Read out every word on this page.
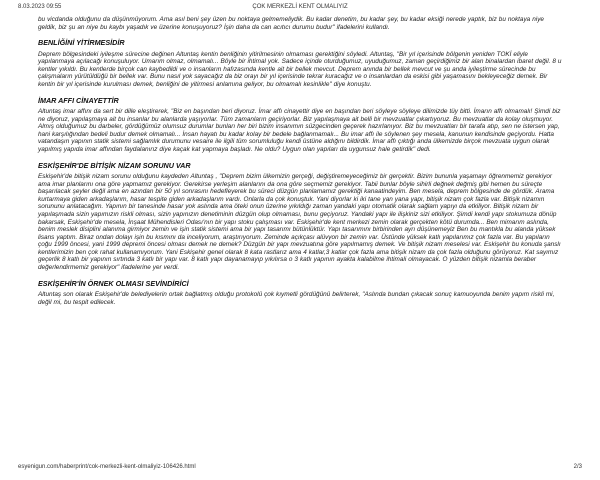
8.03.2023 09:55	ÇOK MERKEZLİ KENT OLMALIYIZ

bu vicdanda olduğunu da düşünmüyorum. Ama asıl beni şey üzen bu noktaya gelmemeliydik. Bu kadar denetim, bu kadar şey, bu kadar eksiği nerede yaptık, biz bu noktaya niye geldik, biz şu an niye bu kaybı yaşadık ve üzerine konuşuyoruz? İşin daha da can acıtıcı durumu budur" ifadelerini kullandı.

BENLİĞİNİ YİTİRMESİDİR

Deprem bölgesindeki iyileşme sürecine değinen Altuntaş kentin benliğinin yitirilmesinin olmaması gerektiğini söyledi. Altuntaş, "Bir yıl içerisinde bölgenin yeniden TOKİ eliyle yapılanmaya açılacağı konuşuluyor. Umarım olmaz, olmamalı... Böyle bir ihtimal yok. Sadece içinde oturduğumuz, uyuduğumuz, zaman geçirdiğimiz bir alan binalardan ibaret değil. 8 u kentler yıkıldı. Bu kentlerde birçok can kaybedildi ve o insanların hafızasında kentle ait bir bellek mevcut. Deprem anında bir bellek mevcut ve şu anda iyileştirme sürecinde bu çalışmaların yürütüldüğü bir bellek var. Bunu nasıl yok sayacağız da biz orayı bir yıl içerisinde tekrar kuracağız ve o insanlardan da eskisi gibi yaşamasını bekleyeceğiz demek. Bir kentin bir yıl içerisinde kurulması demek, benliğini de yitirmesi anlamına geliyor, bu olmamalı kesinlikle" diye konuştu.

İMAR AFFI CİNAYETTİR

Altuntaş imar affını da sert bir dille eleştirerek, "Biz en başından beri diyoruz. İmar affı cinayettir diye en başından beri söyleye söyleye dilimizde tüy bitti. İmarın affı olmamalı! Şimdi biz ne diyoruz, yapılaşmaya ait bu insanlar bu alanlarda yaşıyorlar. Tüm zamanların geçiriyorlar. Biz yapılaşmaya ait belli bir mevzuatlar çıkartıyoruz. Bu mevzuatlar da kolay oluşmuyor. Almış olduğumuz bu darbeler, gördüğümüz olumsuz durumlar bunları her biri bizim insanımın süzgecinden geçerek hazırlanıyor. Biz bu mevzuatları bir tarafa atıp, sen ne istersen yap, hani karşılığından bedeli budur demek olmamalı... İnsan hayatı bu kadar kolay bir bedele bağlanmamalı... Bu imar affı ile söylenen şey mesela, kanunun kendisinde geçiyordu. Hatta vatandaşın yapının statik sistemi sağlamlık durumunu vesaire ile ilgili tüm sorumluluğu kendi üstüne aldığını bildirdik. İmar affı çıktığı anda ülkemizde birçok mevzuata uygun olarak yapılmış yapıda imar affından faydalanırız diye kaçak kat yapmaya başladı. Ne oldu? Uygun olan yapıları da uygunsuz hale getirdik" dedi.

ESKİŞEHİR'DE BİTİŞİK NİZAM SORUNU VAR

Eskişehir'de bitişik nizam sorunu olduğunu kaydeden Altuntaş , "Deprem bizim ülkemizin gerçeği, değiştiremeyeceğimiz bir gerçektir. Bizim bununla yaşamayı öğrenmemiz gerekiyor ama imar planlarını ona göre yapmamız gerekiyor. Gerekirse yerleşim alanlarını da ona göre seçmemiz gerekiyor. Tabii bunlar böyle sihirli değnek değmiş gibi hemen bu süreçte başarılacak şeyler değil ama en azından bir 50 yıl sonrasını hedefleyerek bu süreci düzgün planlamamız gerektiği kanaatindeyim. Ben mesela, deprem bölgesinde de gördük. Arama kurtarmaya giden arkadaşlarım, hasar tespite giden arkadaşlarım vardı. Onlarla da çok konuştuk. Yani diyorlar ki iki tane yan yana yapı, bitişik nizam çok fazla var. Bitişik nizamın sorununu anlatacağım. Yapının bir tanesinde hasar yok aslında ama öteki onun üzerine yıkıldığı zaman yandaki yapı otomatik olarak sağlam yapıyı da etkiliyor. Bitişik nizam bir yapılaşmada sizin yapımızın riskli olması, sizin yapınızın denetiminin düzgün olup olmaması, bunu geçiyoruz. Yandaki yapı ile ilişkiniz sizi etkiliyor. Şimdi kendi yapı stokumuza dönüp bakarsak, Eskişehir'de mesela, İnşaat Mühendisleri Odası'nın bir yapı stoku çalışması var. Eskişehir'de kent merkezi zemin olarak gerçekten kötü durumda... Ben mimarım aslında, benim meslek disiplini alanıma girmiyor zemin ve işin statik sistemi ama bir yapı tasarımı bütünlüktür. Yapı tasarımını birbirinden ayrı düşünemeyiz Ben bu mantıkla bu alanda yüksek lisans yaptım. Biraz ondan dolayı işin bu kısmını da inceliyorum, araştırıyorum. Zeminde açıkçası alüvyon bir zemin var. Üstünde yüksek katlı yapılarımız çok fazla var. Bu yapıların çoğu 1999 öncesi, yani 1999 depremi öncesi olması demek ne demek? Düzgün bir yapı mevzuatına göre yapılmamış demek. Ve bitişik nizam meselesi var. Eskişehir bu konuda şanslı kentlerimizin ben çok rahat kullanamıyorum. Yani Eskişehir genel olarak 8 kata rastlarız ama 4 katlar,3 katlar çok fazla ama bitişik nizam da çok fazla olduğunu görüyoruz. Kat sayımız geçerlik 8 katlı bir yapının sırtında 3 katlı bir yapı var. 8 katlı yapı dayanamayıp yıkılırsa o 3 katlı yapının ayakta kalabilme ihtimali olmayacak. O yüzden bitişik nizamla beraber değerlendirmemiz gerekiyor" ifadelerine yer verdi.

ESKİŞEHİR'İN ÖRNEK OLMASI SEVİNDİRİCİ

Altuntaş son olarak Eskişehir'de belediyelerin ortak bağlatmış olduğu protokolü çok kıymetli gördüğünü belirterek, "Aslında bundan çıkacak sonuç kamuoyunda benim yapım riskli mi, değil mi, bu tespit edilecek.

esyenigun.com/haberprint/cok-merkezli-kent-olmaliyiz-106426.html	2/3
